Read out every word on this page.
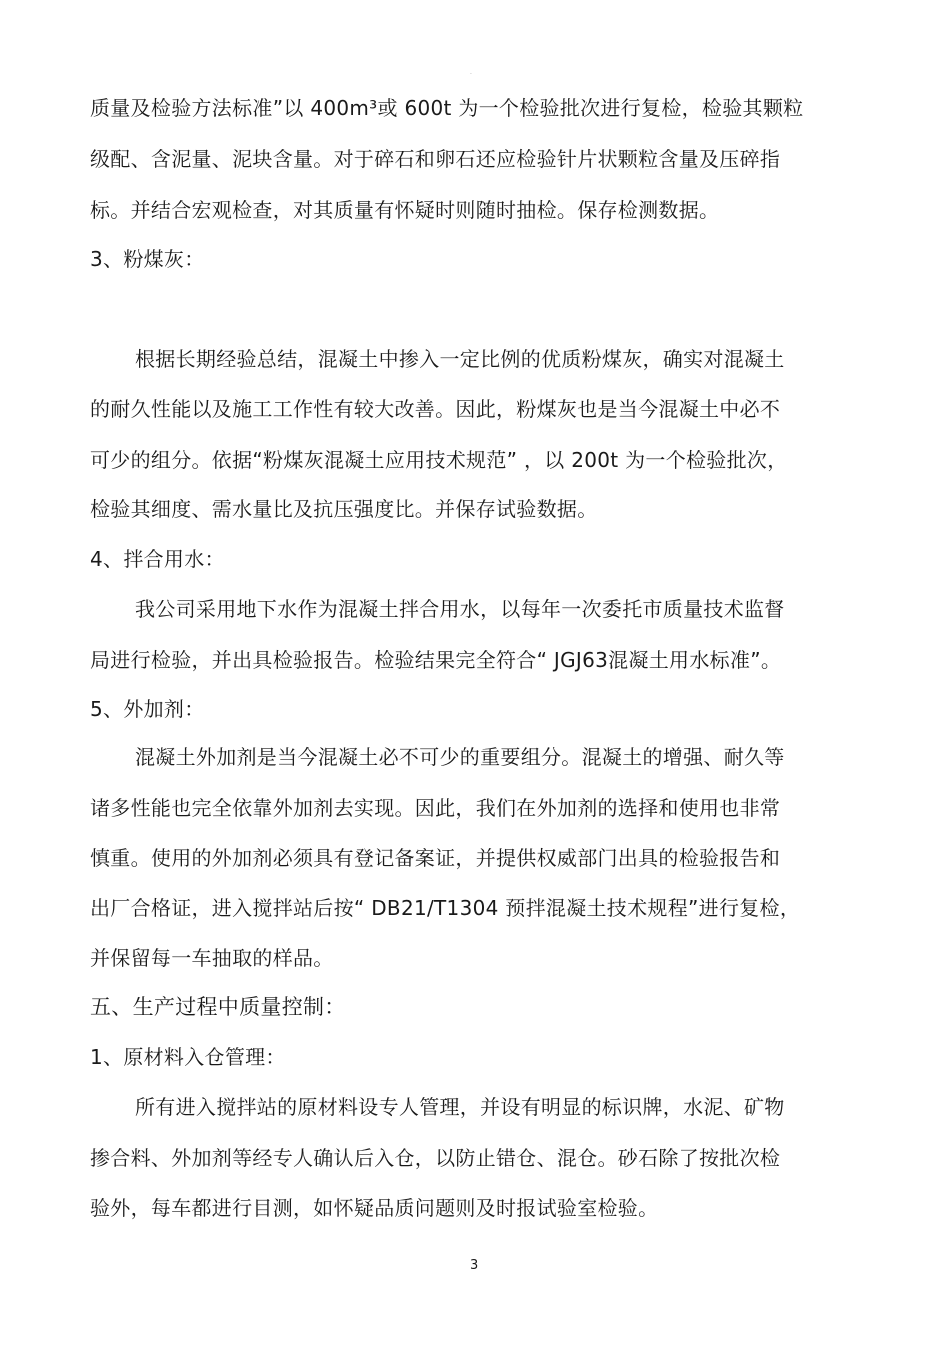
·
质量及检验方法标准”以 400m³或 600t 为一个检验批次进行复检，检验其颗粒
级配、含泥量、泥块含量。对于碎石和卵石还应检验针片状颗粒含量及压碎指
标。并结合宏观检查，对其质量有怀疑时则随时抽检。保存检测数据。
3、粉煤灰：
根据长期经验总结，混凝土中掺入一定比例的优质粉煤灰，确实对混凝土
的耐久性能以及施工工作性有较大改善。因此，粉煤灰也是当今混凝土中必不
可少的组分。依据“粉煤灰混凝土应用技术规范” ，以 200t 为一个检验批次，
检验其细度、需水量比及抗压强度比。并保存试验数据。
4、拌合用水：
我公司采用地下水作为混凝土拌合用水，以每年一次委托市质量技术监督
局进行检验，并出具检验报告。检验结果完全符合“ JGJ63混凝土用水标准”。
5、外加剂：
混凝土外加剂是当今混凝土必不可少的重要组分。混凝土的增强、耐久等
诸多性能也完全依靠外加剂去实现。因此，我们在外加剂的选择和使用也非常
慎重。使用的外加剂必须具有登记备案证，并提供权威部门出具的检验报告和
出厂合格证，进入搅拌站后按“ DB21/T1304 预拌混凝土技术规程”进行复检，
并保留每一车抽取的样品。
五、生产过程中质量控制：
1、原材料入仓管理：
所有进入搅拌站的原材料设专人管理，并设有明显的标识牌，水泥、矿物
掺合料、外加剂等经专人确认后入仓，以防止错仓、混仓。砂石除了按批次检
验外，每车都进行目测，如怀疑品质问题则及时报试验室检验。
3
